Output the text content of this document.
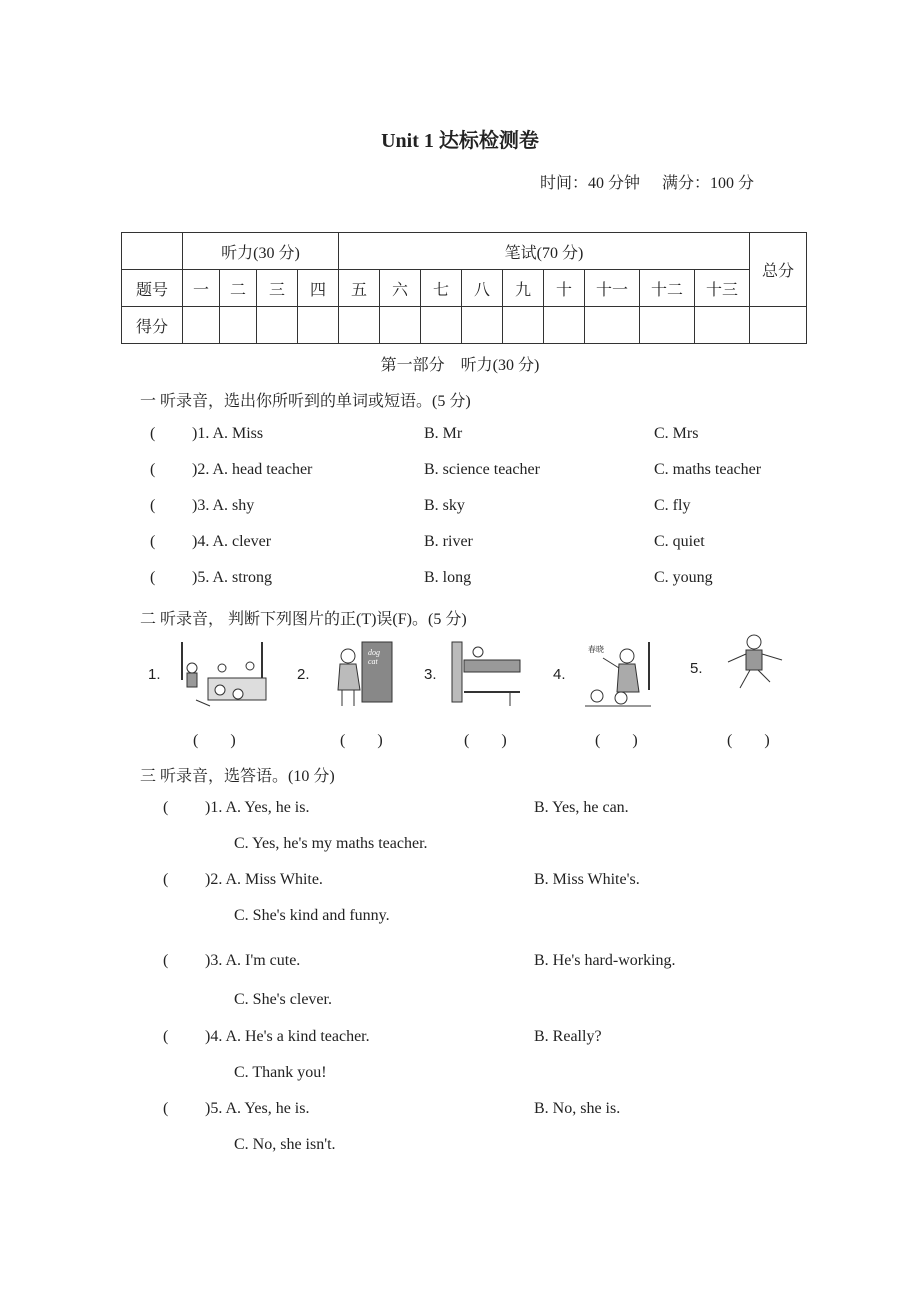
Unit 1 达标检测卷
时间：40 分钟 满分：100 分
	听力(30 分)				笔试(70 分)									总分
题号	一	二	三	四	五	六	七	八	九	十	十一	十二	十三	
得分														
第一部分　听力(30 分)
一 听录音，选出你所听到的单词或短语。(5 分)
( )1. A. Miss	B. Mr	C. Mrs
( )2. A. head teacher	B. science teacher	C. maths teacher
( )3. A. shy	B. sky	C. fly
( )4. A. clever	B. river	C. quiet
( )5. A. strong	B. long	C. young
二 听录音， 判断下列图片的正(T)误(F)。(5 分)
1.	2.
dog
cat
3.	4.
春晓
5.
(　　)	(　　)	(　　)	(　　)	(　　)
三 听录音，选答语。(10 分)
( )1. A. Yes, he is.	B. Yes, he can.
C. Yes, he's my maths teacher.
( )2. A. Miss White.	B. Miss White's.
C. She's kind and funny.
( )3. A. I'm cute.	B. He's hard-working.
C. She's clever.
( )4. A. He's a kind teacher.	B. Really?
C. Thank you!
( )5. A. Yes, he is.	B. No, she is.
C. No, she isn't.
